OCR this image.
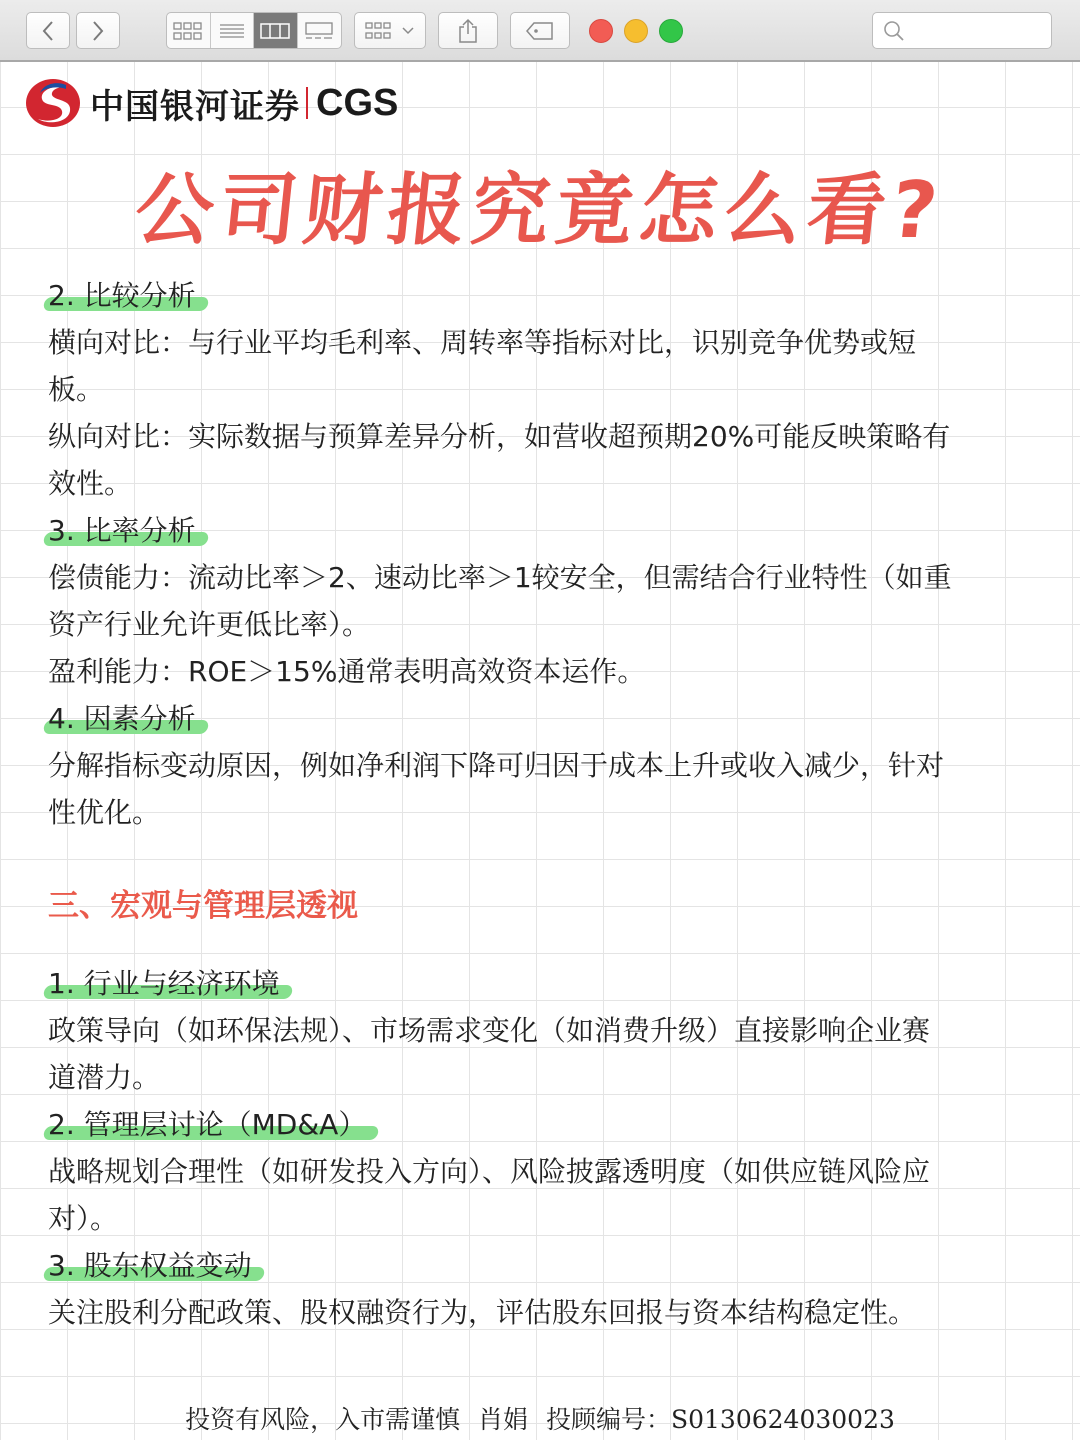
中国银河证券 CGS
公司财报究竟怎么看?
2. 比较分析
横向对比：与行业平均毛利率、周转率等指标对比，识别竞争优势或短
板。
纵向对比：实际数据与预算差异分析，如营收超预期20%可能反映策略有
效性。
3. 比率分析
偿债能力：流动比率＞2、速动比率＞1较安全，但需结合行业特性（如重
资产行业允许更低比率）。
盈利能力：ROE＞15%通常表明高效资本运作。
4. 因素分析
分解指标变动原因，例如净利润下降可归因于成本上升或收入减少，针对
性优化。
三、宏观与管理层透视
1. 行业与经济环境
政策导向（如环保法规）、市场需求变化（如消费升级）直接影响企业赛
道潜力。
2. 管理层讨论（MD&A）
战略规划合理性（如研发投入方向）、风险披露透明度（如供应链风险应
对）。
3. 股东权益变动
关注股利分配政策、股权融资行为，评估股东回报与资本结构稳定性。
投资有风险，入市需谨慎 肖娟 投顾编号：S0130624030023
